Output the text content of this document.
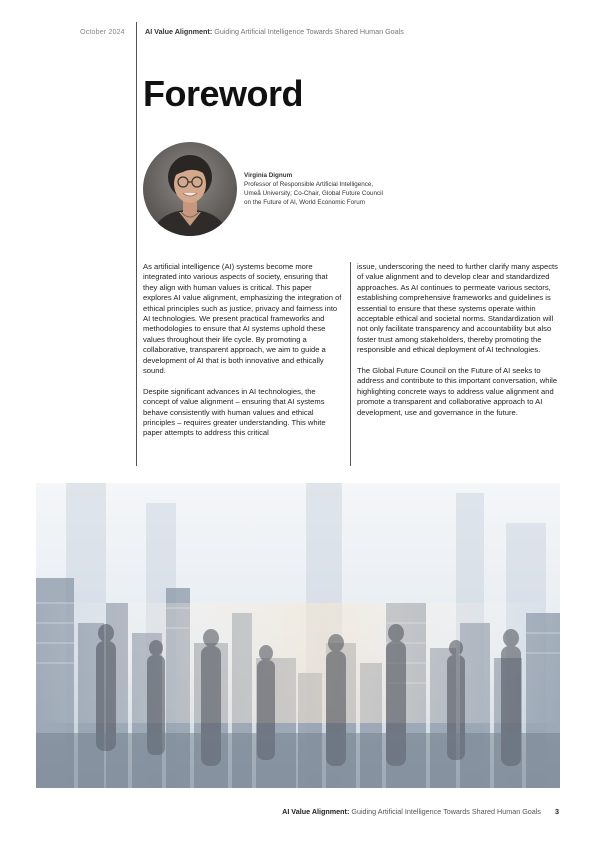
October 2024	AI Value Alignment: Guiding Artificial Intelligence Towards Shared Human Goals
Foreword
Virginia Dignum
Professor of Responsible Artificial Intelligence,
Umeå University; Co-Chair, Global Future Council
on the Future of AI, World Economic Forum

As artificial intelligence (AI) systems become more integrated into various aspects of society, ensuring that they align with human values is critical. This paper explores AI value alignment, emphasizing the integration of ethical principles such as justice, privacy and fairness into AI technologies. We present practical frameworks and methodologies to ensure that AI systems uphold these values throughout their life cycle. By promoting a collaborative, transparent approach, we aim to guide a development of AI that is both innovative and ethically sound.

Despite significant advances in AI technologies, the concept of value alignment – ensuring that AI systems behave consistently with human values and ethical principles – requires greater understanding. This white paper attempts to address this critical

issue, underscoring the need to further clarify many aspects of value alignment and to develop clear and standardized approaches. As AI continues to permeate various sectors, establishing comprehensive frameworks and guidelines is essential to ensure that these systems operate within acceptable ethical and societal norms. Standardization will not only facilitate transparency and accountability but also foster trust among stakeholders, thereby promoting the responsible and ethical deployment of AI technologies.

The Global Future Council on the Future of AI seeks to address and contribute to this important conversation, while highlighting concrete ways to address value alignment and promote a transparent and collaborative approach to AI development, use and governance in the future.

AI Value Alignment: Guiding Artificial Intelligence Towards Shared Human Goals 3
